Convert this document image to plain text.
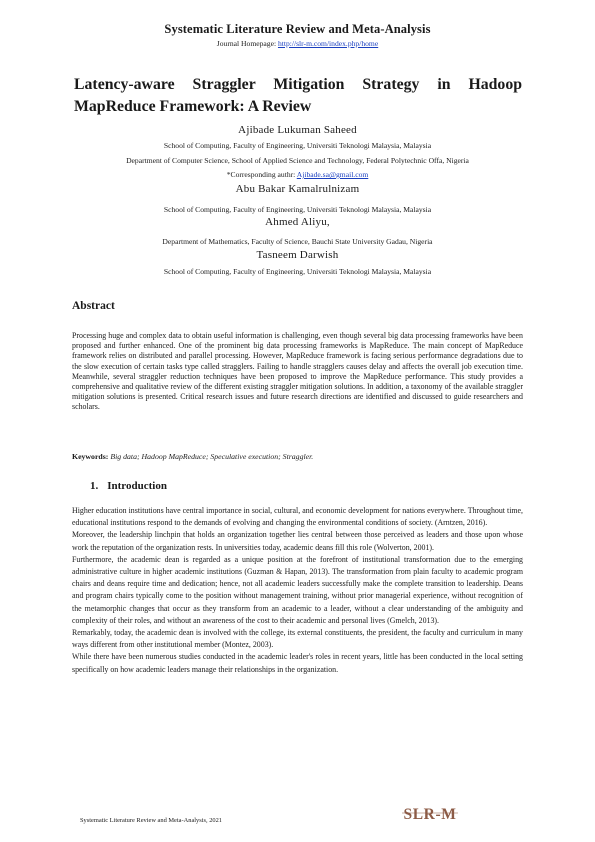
Systematic Literature Review and Meta-Analysis
Journal Homepage: http://slr-m.com/index.php/home
Latency-aware Straggler Mitigation Strategy in Hadoop MapReduce Framework: A Review
Ajibade Lukuman Saheed
School of Computing, Faculty of Engineering, Universiti Teknologi Malaysia, Malaysia
Department of Computer Science, School of Applied Science and Technology, Federal Polytechnic Offa, Nigeria
*Corresponding authr: Ajibade.sa@gmail.com
Abu Bakar Kamalrulnizam
School of Computing, Faculty of Engineering, Universiti Teknologi Malaysia, Malaysia
Ahmed Aliyu,
Department of Mathematics, Faculty of Science, Bauchi State University Gadau, Nigeria
Tasneem Darwish
School of Computing, Faculty of Engineering, Universiti Teknologi Malaysia, Malaysia
Abstract
Processing huge and complex data to obtain useful information is challenging, even though several big data processing frameworks have been proposed and further enhanced. One of the prominent big data processing frameworks is MapReduce. The main concept of MapReduce framework relies on distributed and parallel processing. However, MapReduce framework is facing serious performance degradations due to the slow execution of certain tasks type called stragglers. Failing to handle stragglers causes delay and affects the overall job execution time. Meanwhile, several straggler reduction techniques have been proposed to improve the MapReduce performance. This study provides a comprehensive and qualitative review of the different existing straggler mitigation solutions. In addition, a taxonomy of the available straggler mitigation solutions is presented. Critical research issues and future research directions are identified and discussed to guide researchers and scholars.
Keywords: Big data; Hadoop MapReduce; Speculative execution; Straggler.
1. Introduction

Higher education institutions have central importance in social, cultural, and economic development for nations everywhere. Throughout time, educational institutions respond to the demands of evolving and changing the environmental conditions of society. (Arntzen, 2016).

Moreover, the leadership linchpin that holds an organization together lies central between those perceived as leaders and those upon whose work the reputation of the organization rests. In universities today, academic deans fill this role (Wolverton, 2001).

Furthermore, the academic dean is regarded as a unique position at the forefront of institutional transformation due to the emerging administrative culture in higher academic institutions (Guzman & Hapan, 2013). The transformation from plain faculty to academic program chairs and deans require time and dedication; hence, not all academic leaders successfully make the complete transition to leadership. Deans and program chairs typically come to the position without management training, without prior managerial experience, without recognition of the metamorphic changes that occur as they transform from an academic to a leader, without a clear understanding of the ambiguity and complexity of their roles, and without an awareness of the cost to their academic and personal lives (Gmelch, 2013).

Remarkably, today, the academic dean is involved with the college, its external constituents, the president, the faculty and curriculum in many ways different from other institutional member (Montez, 2003).

While there have been numerous studies conducted in the academic leader's roles in recent years, little has been conducted in the local setting specifically on how academic leaders manage their relationships in the organization.

Systematic Literature Review and Meta-Analysis, 2021	SLR-M
